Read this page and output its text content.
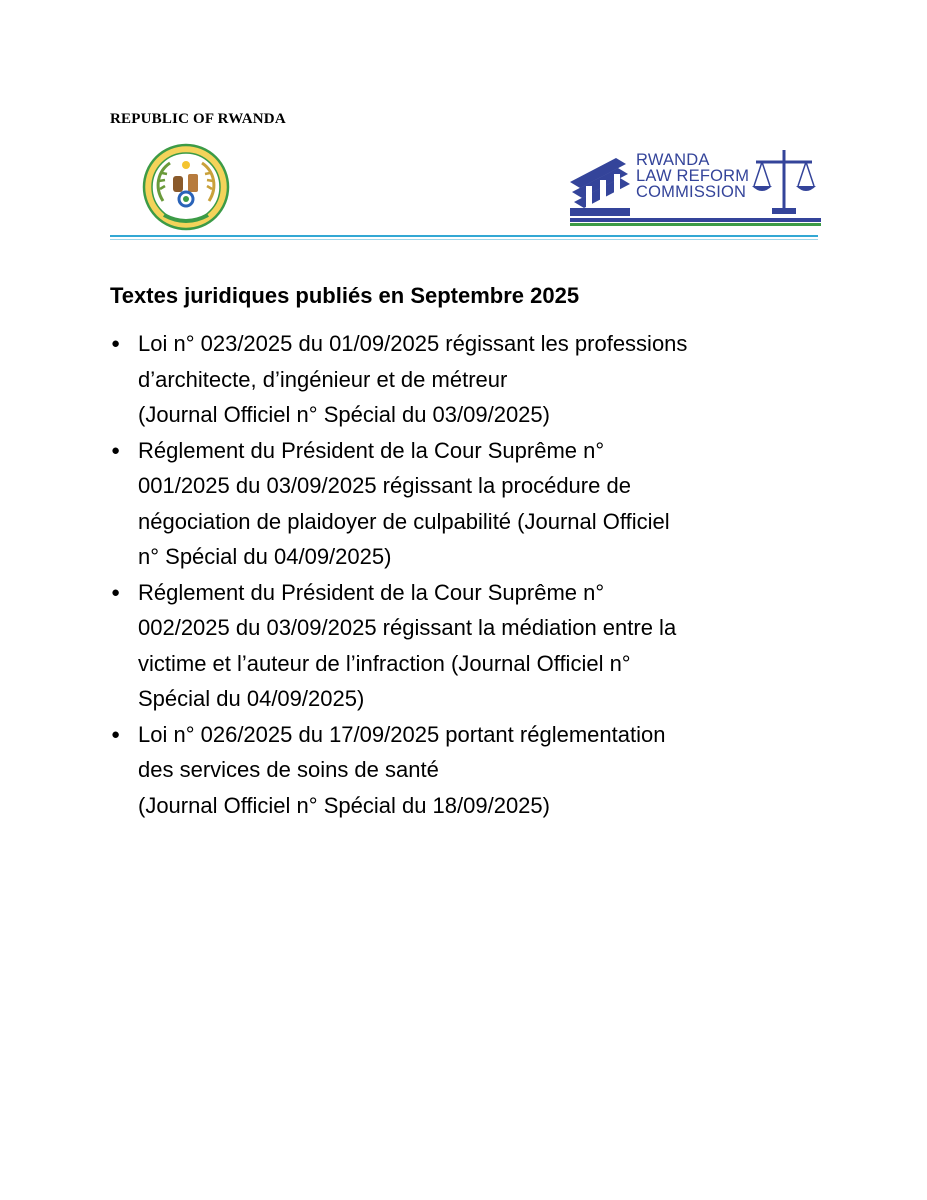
REPUBLIC OF RWANDA

RWANDA
LAW REFORM
COMMISSION
Textes juridiques publiés en Septembre 2025
● Loi n° 023/2025 du 01/09/2025 régissant les professions
d’architecte, d’ingénieur et de métreur
(Journal Officiel n° Spécial du 03/09/2025)
● Réglement du Président de la Cour Suprême n°
001/2025 du 03/09/2025 régissant la procédure de
négociation de plaidoyer de culpabilité (Journal Officiel
n° Spécial du 04/09/2025)
● Réglement du Président de la Cour Suprême n°
002/2025 du 03/09/2025 régissant la médiation entre la
victime et l’auteur de l’infraction (Journal Officiel n°
Spécial du 04/09/2025)
● Loi n° 026/2025 du 17/09/2025 portant réglementation
des services de soins de santé
(Journal Officiel n° Spécial du 18/09/2025)
